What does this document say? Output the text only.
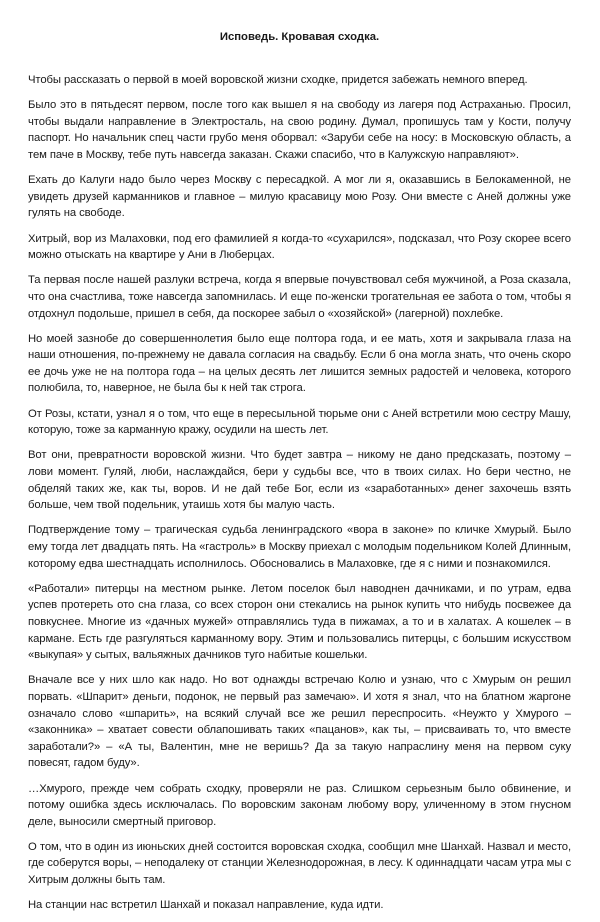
Исповедь. Кровавая сходка.

Чтобы рассказать о первой в моей воровской жизни сходке, придется забежать немного вперед.

Было это в пятьдесят первом, после того как вышел я на свободу из лагеря под Астраханью. Просил, чтобы выдали направление в Электросталь, на свою родину. Думал, пропишусь там у Кости, получу паспорт. Но начальник спец части грубо меня оборвал: «Заруби себе на носу: в Московскую область, а тем паче в Москву, тебе путь навсегда заказан. Скажи спасибо, что в Калужскую направляют».

Ехать до Калуги надо было через Москву с пересадкой. А мог ли я, оказавшись в Белокаменной, не увидеть друзей карманников и главное – милую красавицу мою Розу. Они вместе с Аней должны уже гулять на свободе.

Хитрый, вор из Малаховки, под его фамилией я когда-то «сухарился», подсказал, что Розу скорее всего можно отыскать на квартире у Ани в Люберцах.

Та первая после нашей разлуки встреча, когда я впервые почувствовал себя мужчиной, а Роза сказала, что она счастлива, тоже навсегда запомнилась. И еще по-женски трогательная ее забота о том, чтобы я отдохнул подольше, пришел в себя, да поскорее забыл о «хозяйской» (лагерной) похлебке.

Но моей зазнобе до совершеннолетия было еще полтора года, и ее мать, хотя и закрывала глаза на наши отношения, по-прежнему не давала согласия на свадьбу. Если б она могла знать, что очень скоро ее дочь уже не на полтора года – на целых десять лет лишится земных радостей и человека, которого полюбила, то, наверное, не была бы к ней так строга.

От Розы, кстати, узнал я о том, что еще в пересыльной тюрьме они с Аней встретили мою сестру Машу, которую, тоже за карманную кражу, осудили на шесть лет.

Вот они, превратности воровской жизни. Что будет завтра – никому не дано предсказать, поэтому – лови момент. Гуляй, люби, наслаждайся, бери у судьбы все, что в твоих силах. Но бери честно, не обделяй таких же, как ты, воров. И не дай тебе Бог, если из «заработанных» денег захочешь взять больше, чем твой подельник, утаишь хотя бы малую часть.

Подтверждение тому – трагическая судьба ленинградского «вора в законе» по кличке Хмурый. Было ему тогда лет двадцать пять. На «гастроль» в Москву приехал с молодым подельником Колей Длинным, которому едва шестнадцать исполнилось. Обосновались в Малаховке, где я с ними и познакомился.

«Работали» питерцы на местном рынке. Летом поселок был наводнен дачниками, и по утрам, едва успев протереть ото сна глаза, со всех сторон они стекались на рынок купить что нибудь посвежее да повкуснее. Многие из «дачных мужей» отправлялись туда в пижамах, а то и в халатах. А кошелек – в кармане. Есть где разгуляться карманному вору. Этим и пользовались питерцы, с большим искусством «выкупая» у сытых, вальяжных дачников туго набитые кошельки.

Вначале все у них шло как надо. Но вот однажды встречаю Колю и узнаю, что с Хмурым он решил порвать. «Шпарит» деньги, подонок, не первый раз замечаю». И хотя я знал, что на блатном жаргоне означало слово «шпарить», на всякий случай все же решил переспросить. «Неужто у Хмурого – «законника» – хватает совести облапошивать таких «пацанов», как ты, – присваивать то, что вместе заработали?» – «А ты, Валентин, мне не веришь? Да за такую напраслину меня на первом суку повесят, гадом буду».

…Хмурого, прежде чем собрать сходку, проверяли не раз. Слишком серьезным было обвинение, и потому ошибка здесь исключалась. По воровским законам любому вору, уличенному в этом гнусном деле, выносили смертный приговор.

О том, что в один из июньских дней состоится воровская сходка, сообщил мне Шанхай. Назвал и место, где соберутся воры, – неподалеку от станции Железнодорожная, в лесу. К одиннадцати часам утра мы с Хитрым должны быть там.

На станции нас встретил Шанхай и показал направление, куда идти.
